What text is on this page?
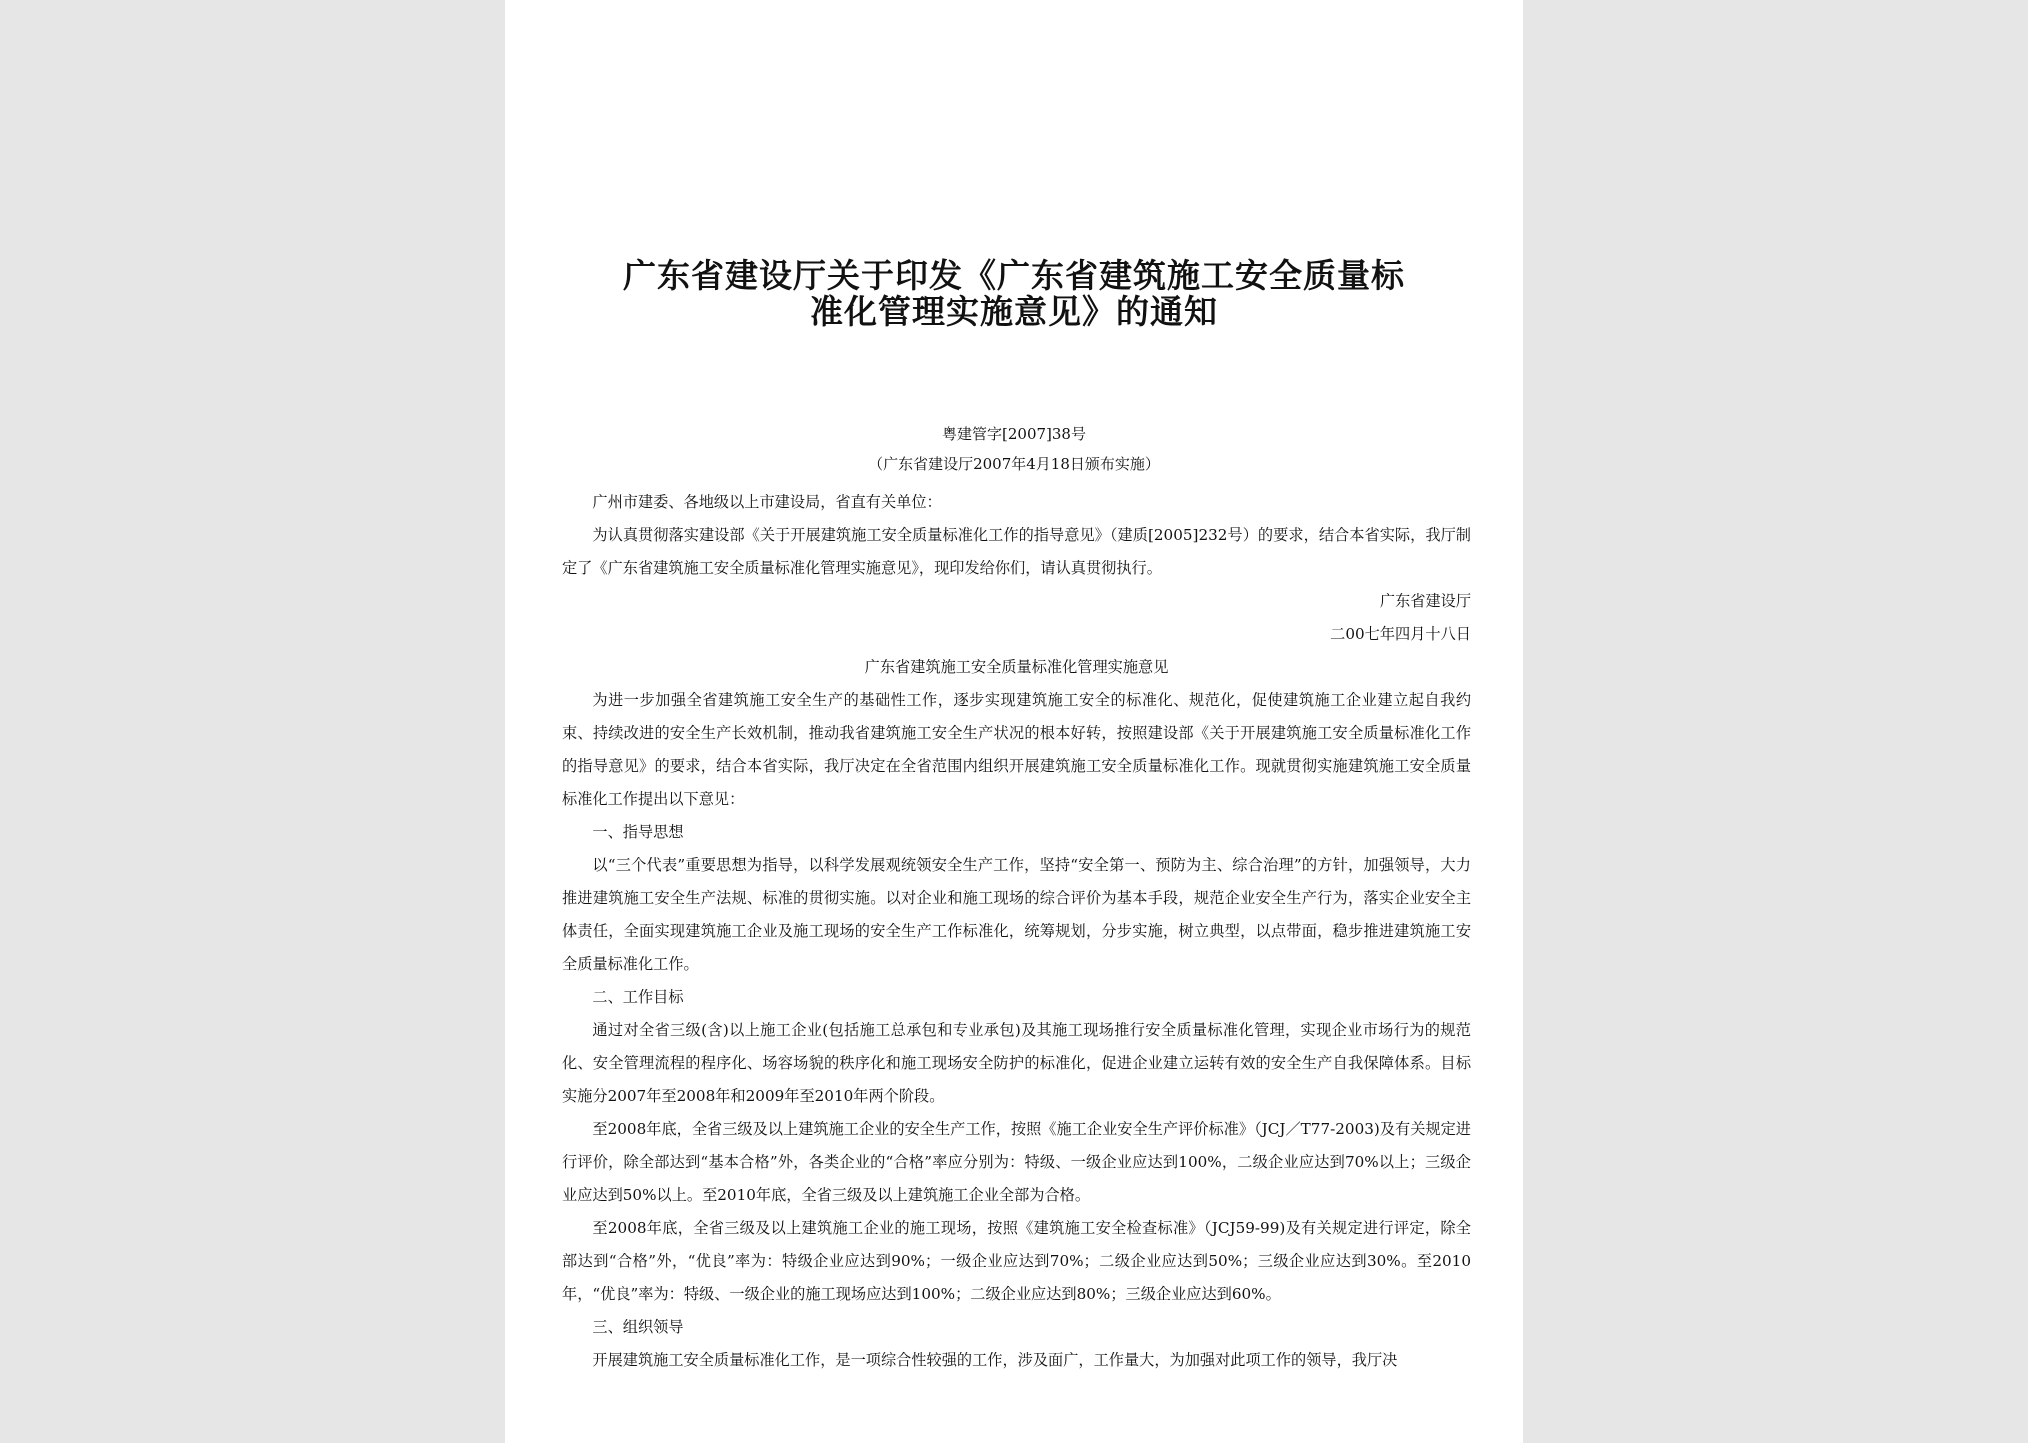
广东省建设厅关于印发《广东省建筑施工安全质量标
准化管理实施意见》的通知
粤建管字[2007]38号
（广东省建设厅2007年4月18日颁布实施）

广州市建委、各地级以上市建设局，省直有关单位：

为认真贯彻落实建设部《关于开展建筑施工安全质量标准化工作的指导意见》（建质[2005]232号）的要求，结合本省实际，我厅制定了《广东省建筑施工安全质量标准化管理实施意见》，现印发给你们，请认真贯彻执行。

广东省建设厅

二00七年四月十八日

广东省建筑施工安全质量标准化管理实施意见

为进一步加强全省建筑施工安全生产的基础性工作，逐步实现建筑施工安全的标准化、规范化，促使建筑施工企业建立起自我约束、持续改进的安全生产长效机制，推动我省建筑施工安全生产状况的根本好转，按照建设部《关于开展建筑施工安全质量标准化工作的指导意见》的要求，结合本省实际，我厅决定在全省范围内组织开展建筑施工安全质量标准化工作。现就贯彻实施建筑施工安全质量标准化工作提出以下意见：

一、指导思想

以“三个代表”重要思想为指导，以科学发展观统领安全生产工作，坚持“安全第一、预防为主、综合治理”的方针，加强领导，大力推进建筑施工安全生产法规、标准的贯彻实施。以对企业和施工现场的综合评价为基本手段，规范企业安全生产行为，落实企业安全主体责任，全面实现建筑施工企业及施工现场的安全生产工作标准化，统筹规划，分步实施，树立典型，以点带面，稳步推进建筑施工安全质量标准化工作。

二、工作目标

通过对全省三级(含)以上施工企业(包括施工总承包和专业承包)及其施工现场推行安全质量标准化管理，实现企业市场行为的规范化、安全管理流程的程序化、场容场貌的秩序化和施工现场安全防护的标准化，促进企业建立运转有效的安全生产自我保障体系。目标实施分2007年至2008年和2009年至2010年两个阶段。

至2008年底，全省三级及以上建筑施工企业的安全生产工作，按照《施工企业安全生产评价标准》（JCJ／T77-2003)及有关规定进行评价，除全部达到“基本合格”外，各类企业的“合格”率应分别为：特级、一级企业应达到100%，二级企业应达到70%以上；三级企业应达到50%以上。至2010年底，全省三级及以上建筑施工企业全部为合格。

至2008年底，全省三级及以上建筑施工企业的施工现场，按照《建筑施工安全检查标准》（JCJ59-99)及有关规定进行评定，除全部达到“合格”外，“优良”率为：特级企业应达到90%；一级企业应达到70%；二级企业应达到50%；三级企业应达到30%。至2010年，“优良”率为：特级、一级企业的施工现场应达到100%；二级企业应达到80%；三级企业应达到60%。

三、组织领导

开展建筑施工安全质量标准化工作，是一项综合性较强的工作，涉及面广，工作量大，为加强对此项工作的领导，我厅决
